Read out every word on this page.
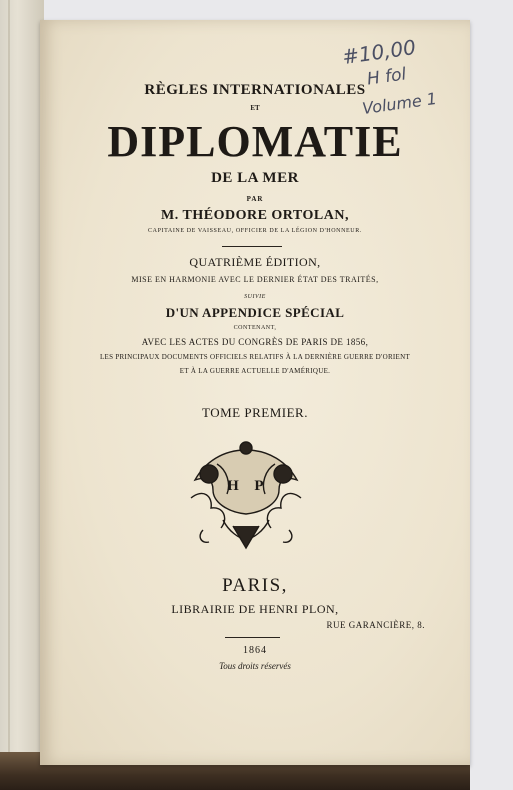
#10,00
H fol
Volume 1
RÈGLES INTERNATIONALES
ET
DIPLOMATIE
DE LA MER
PAR
M. THÉODORE ORTOLAN,
CAPITAINE DE VAISSEAU, OFFICIER DE LA LÉGION D'HONNEUR.
QUATRIÈME ÉDITION,
MISE EN HARMONIE AVEC LE DERNIER ÉTAT DES TRAITÉS,
SUIVIE
D'UN APPENDICE SPÉCIAL
CONTENANT,
AVEC LES ACTES DU CONGRÈS DE PARIS DE 1856,
LES PRINCIPAUX DOCUMENTS OFFICIELS RELATIFS À LA DERNIÈRE GUERRE D'ORIENT
ET À LA GUERRE ACTUELLE D'AMÉRIQUE.
TOME PREMIER.
H P
PARIS,
LIBRAIRIE DE HENRI PLON,
RUE GARANCIÈRE, 8.
1864
Tous droits réservés
